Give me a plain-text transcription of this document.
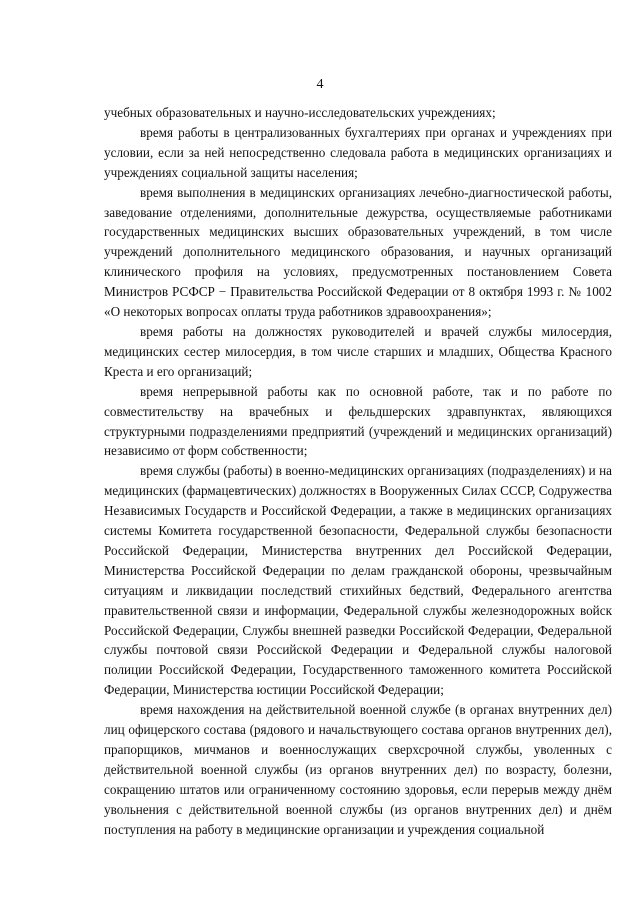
4

учебных образовательных и научно-исследовательских учреждениях;

время работы в централизованных бухгалтериях при органах и учреждениях при условии, если за ней непосредственно следовала работа в медицинских организациях и учреждениях социальной защиты населения;

время выполнения в медицинских организациях лечебно-диагностической работы, заведование отделениями, дополнительные дежурства, осуществляемые работниками государственных медицинских высших образовательных учреждений, в том числе учреждений дополнительного медицинского образования, и научных организаций клинического профиля на условиях, предусмотренных постановлением Совета Министров РСФСР − Правительства Российской Федерации от 8 октября 1993 г. № 1002 «О некоторых вопросах оплаты труда работников здравоохранения»;

время работы на должностях руководителей и врачей службы милосердия, медицинских сестер милосердия, в том числе старших и младших, Общества Красного Креста и его организаций;

время непрерывной работы как по основной работе, так и по работе по совместительству на врачебных и фельдшерских здравпунктах, являющихся структурными подразделениями предприятий (учреждений и медицинских организаций) независимо от форм собственности;

время службы (работы) в военно-медицинских организациях (подразделениях) и на медицинских (фармацевтических) должностях в Вооруженных Силах СССР, Содружества Независимых Государств и Российской Федерации, а также в медицинских организациях системы Комитета государственной безопасности, Федеральной службы безопасности Российской Федерации, Министерства внутренних дел Российской Федерации, Министерства Российской Федерации по делам гражданской обороны, чрезвычайным ситуациям и ликвидации последствий стихийных бедствий, Федерального агентства правительственной связи и информации, Федеральной службы железнодорожных войск Российской Федерации, Службы внешней разведки Российской Федерации, Федеральной службы почтовой связи Российской Федерации и Федеральной службы налоговой полиции Российской Федерации, Государственного таможенного комитета Российской Федерации, Министерства юстиции Российской Федерации;

время нахождения на действительной военной службе (в органах внутренних дел) лиц офицерского состава (рядового и начальствующего состава органов внутренних дел), прапорщиков, мичманов и военнослужащих сверхсрочной службы, уволенных с действительной военной службы (из органов внутренних дел) по возрасту, болезни, сокращению штатов или ограниченному состоянию здоровья, если перерыв между днём увольнения с действительной военной службы (из органов внутренних дел) и днём поступления на работу в медицинские организации и учреждения социальной
